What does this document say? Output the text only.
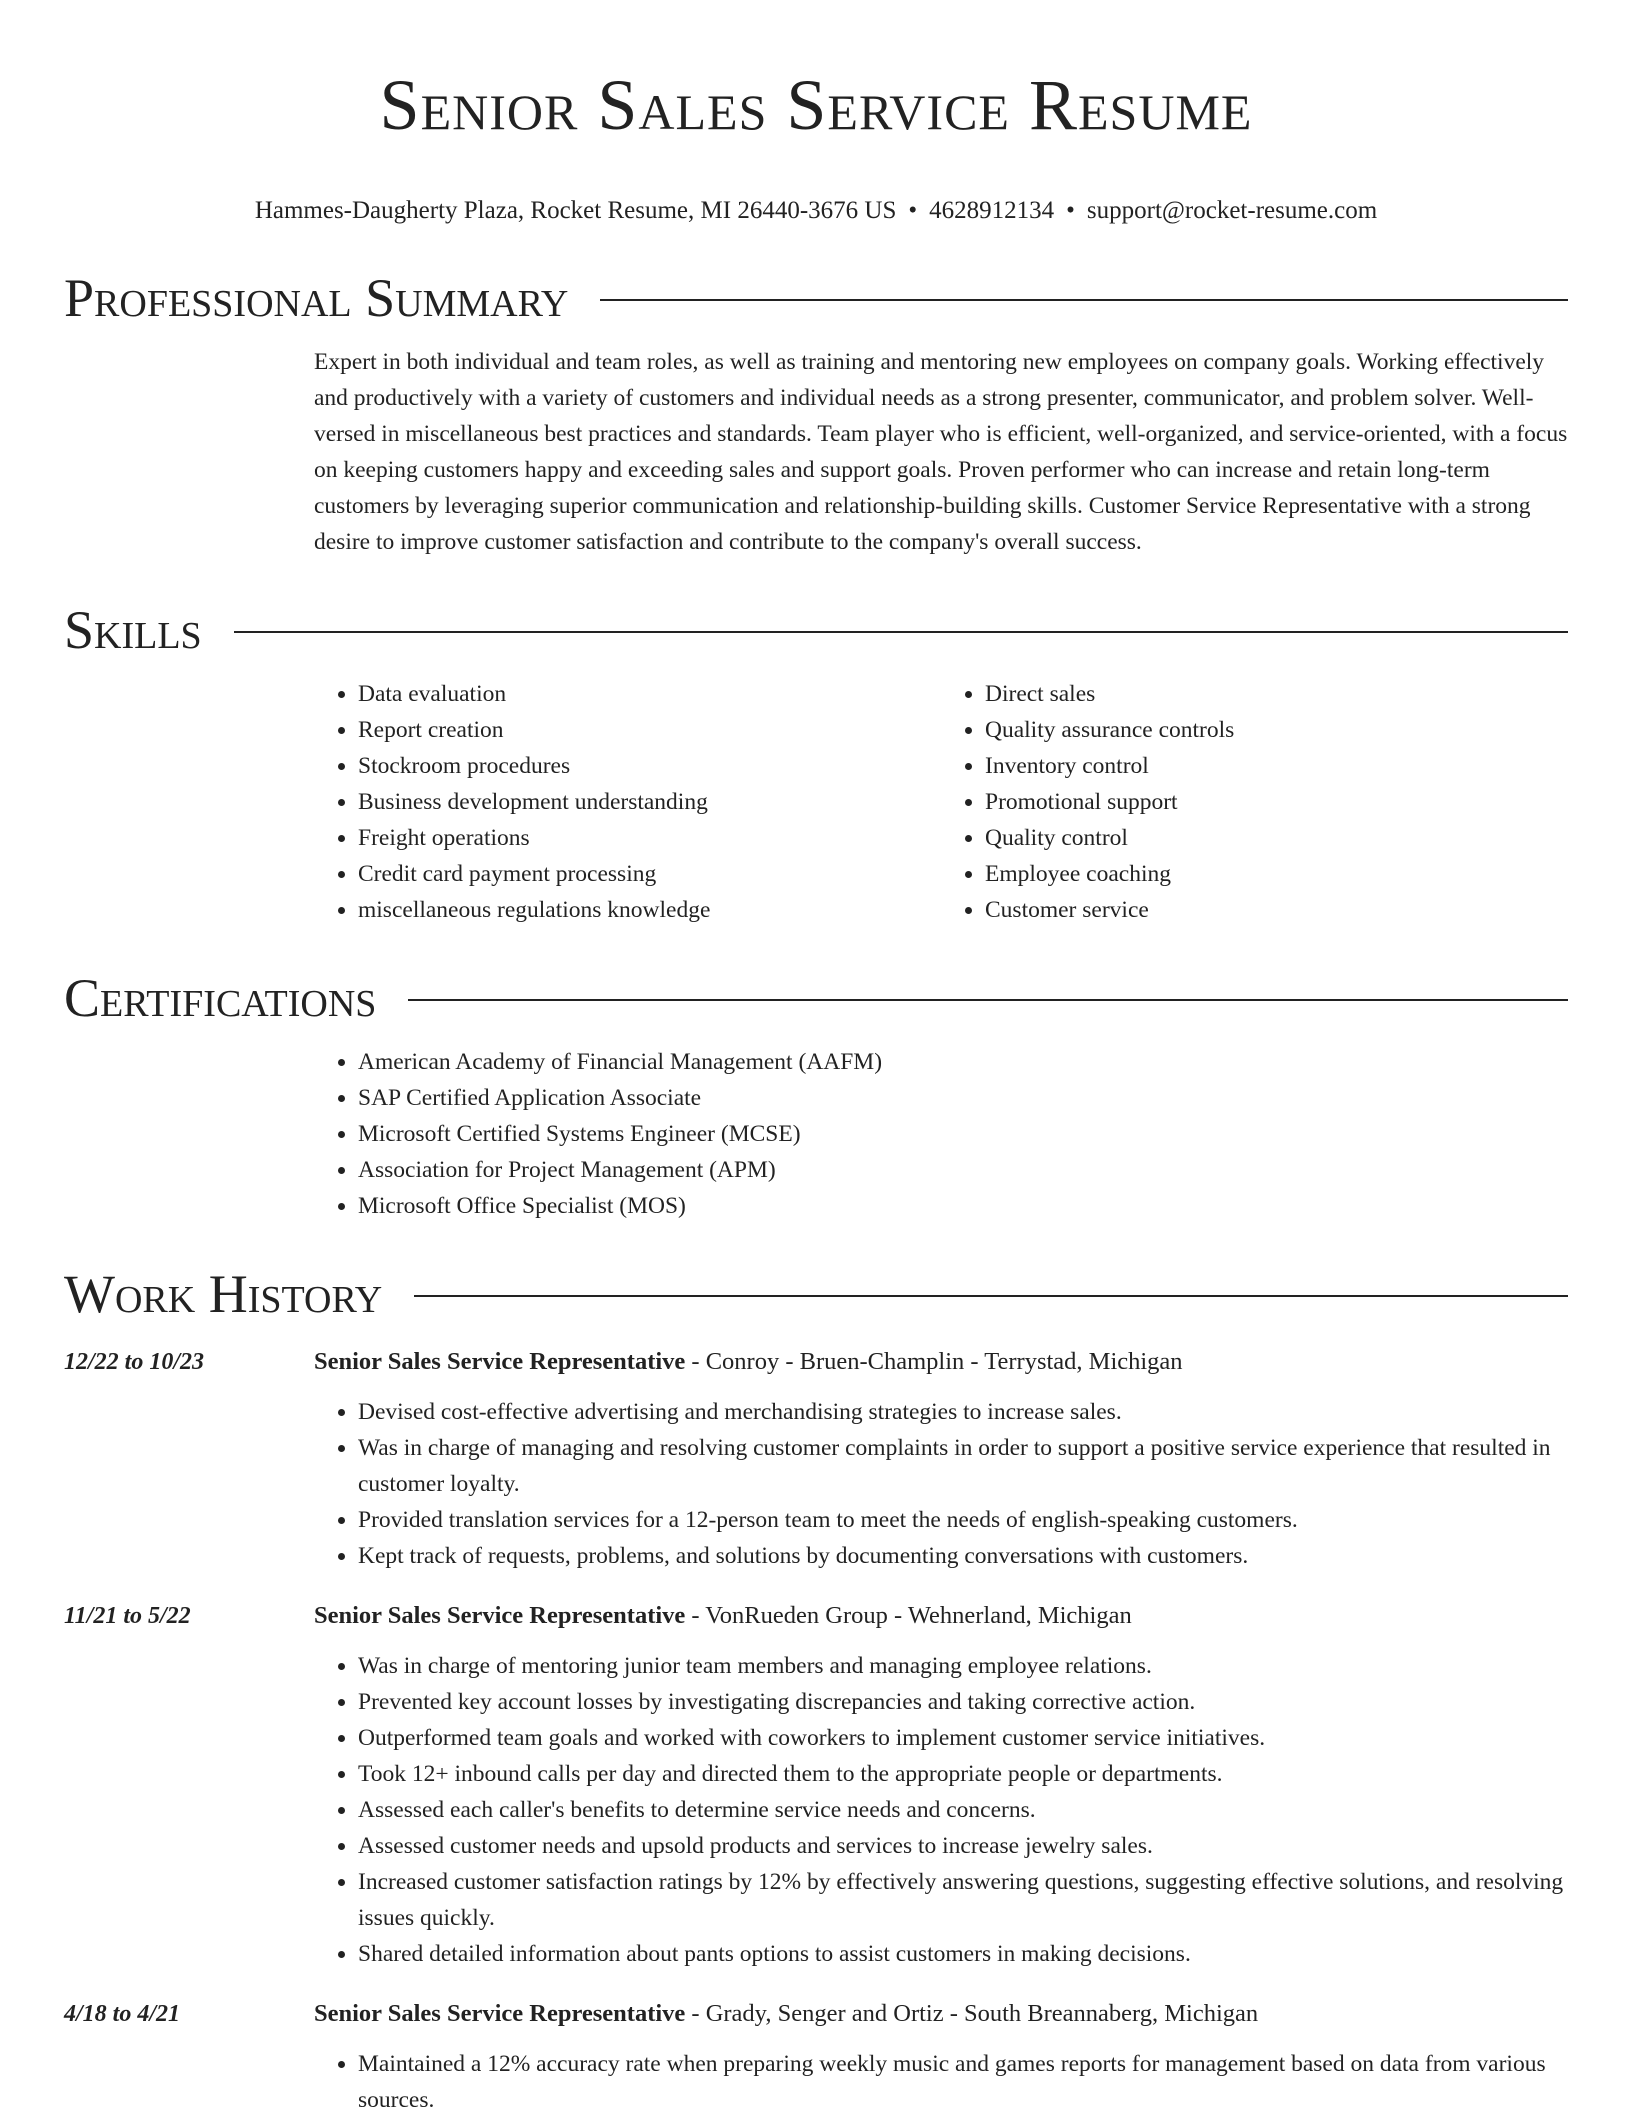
Senior Sales Service Resume
Hammes-Daugherty Plaza, Rocket Resume, MI 26440-3676 US • 4628912134 • support@rocket-resume.com
Professional Summary
Expert in both individual and team roles, as well as training and mentoring new employees on company goals. Working effectively and productively with a variety of customers and individual needs as a strong presenter, communicator, and problem solver. Well-versed in miscellaneous best practices and standards. Team player who is efficient, well-organized, and service-oriented, with a focus on keeping customers happy and exceeding sales and support goals. Proven performer who can increase and retain long-term customers by leveraging superior communication and relationship-building skills. Customer Service Representative with a strong desire to improve customer satisfaction and contribute to the company's overall success.
Skills
• Data evaluation
• Report creation
• Stockroom procedures
• Business development understanding
• Freight operations
• Credit card payment processing
• miscellaneous regulations knowledge
• Direct sales
• Quality assurance controls
• Inventory control
• Promotional support
• Quality control
• Employee coaching
• Customer service
Certifications
• American Academy of Financial Management (AAFM)
• SAP Certified Application Associate
• Microsoft Certified Systems Engineer (MCSE)
• Association for Project Management (APM)
• Microsoft Office Specialist (MOS)
Work History
12/22 to 10/23	Senior Sales Service Representative - Conroy - Bruen-Champlin - Terrystad, Michigan
• Devised cost-effective advertising and merchandising strategies to increase sales.
• Was in charge of managing and resolving customer complaints in order to support a positive service experience that resulted in customer loyalty.
• Provided translation services for a 12-person team to meet the needs of english-speaking customers.
• Kept track of requests, problems, and solutions by documenting conversations with customers.
11/21 to 5/22	Senior Sales Service Representative - VonRueden Group - Wehnerland, Michigan
• Was in charge of mentoring junior team members and managing employee relations.
• Prevented key account losses by investigating discrepancies and taking corrective action.
• Outperformed team goals and worked with coworkers to implement customer service initiatives.
• Took 12+ inbound calls per day and directed them to the appropriate people or departments.
• Assessed each caller's benefits to determine service needs and concerns.
• Assessed customer needs and upsold products and services to increase jewelry sales.
• Increased customer satisfaction ratings by 12% by effectively answering questions, suggesting effective solutions, and resolving issues quickly.
• Shared detailed information about pants options to assist customers in making decisions.
4/18 to 4/21	Senior Sales Service Representative - Grady, Senger and Ortiz - South Breannaberg, Michigan
• Maintained a 12% accuracy rate when preparing weekly music and games reports for management based on data from various sources.
